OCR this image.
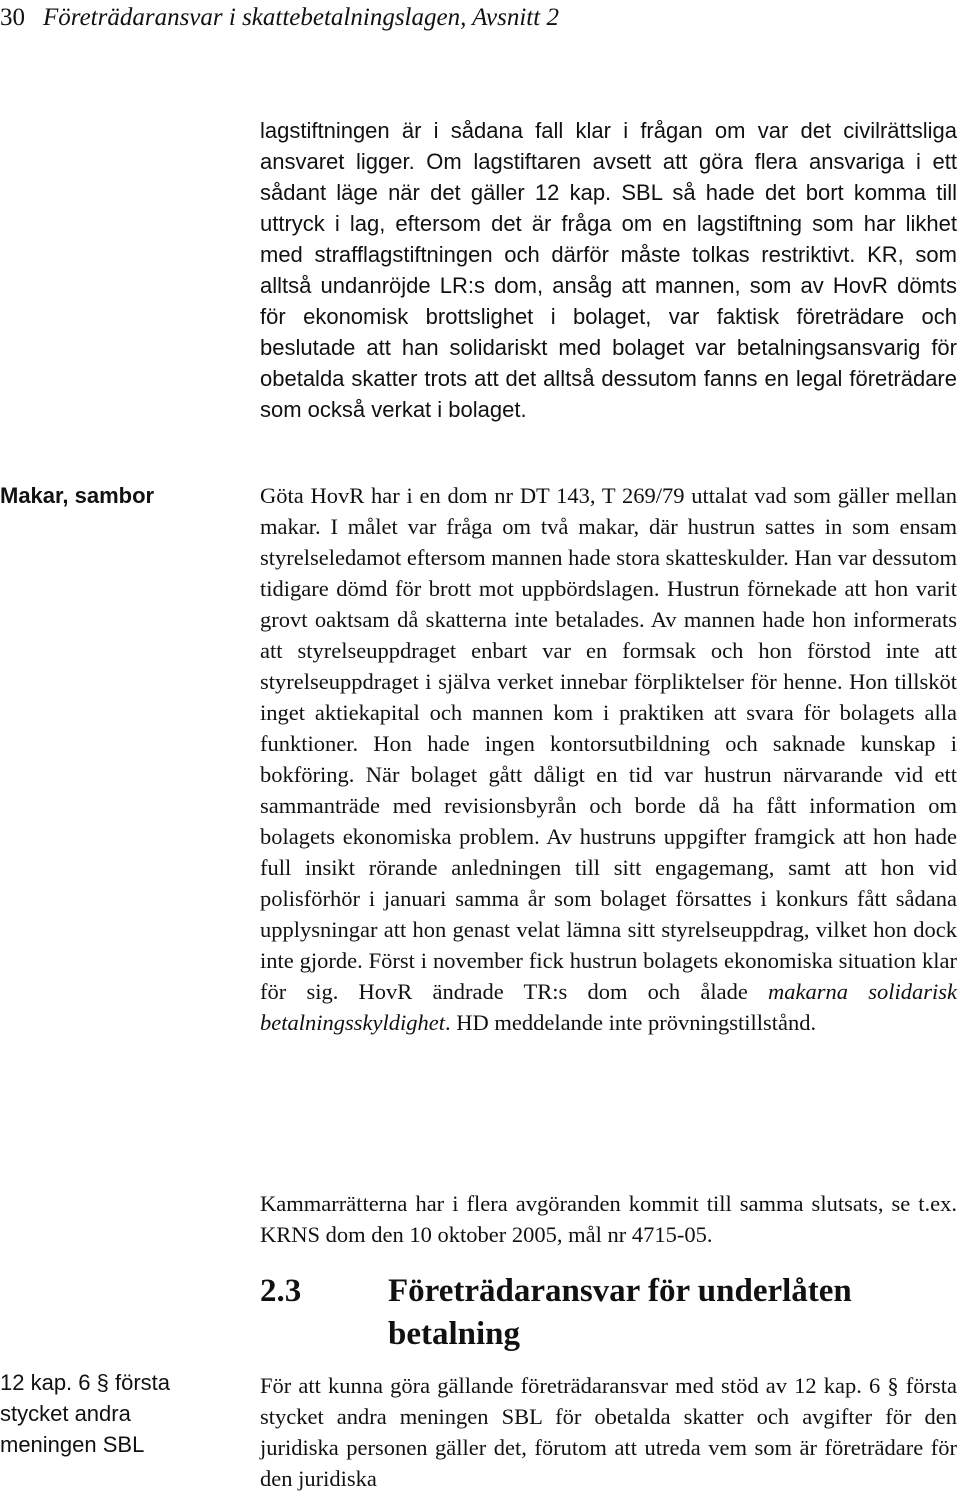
30 Företrädaransvar i skattebetalningslagen, Avsnitt 2
Makar, sambor
12 kap. 6 § första stycket andra meningen SBL

lagstiftningen är i sådana fall klar i frågan om var det civilrättsliga ansvaret ligger. Om lagstiftaren avsett att göra flera ansvariga i ett sådant läge när det gäller 12 kap. SBL så hade det bort komma till uttryck i lag, eftersom det är fråga om en lagstiftning som har likhet med strafflagstiftningen och därför måste tolkas restriktivt. KR, som alltså undanröjde LR:s dom, ansåg att mannen, som av HovR dömts för ekonomisk brottslighet i bolaget, var faktisk företrädare och beslutade att han solidariskt med bolaget var betalningsansvarig för obetalda skatter trots att det alltså dessutom fanns en legal företrädare som också verkat i bolaget.

Göta HovR har i en dom nr DT 143, T 269/79 uttalat vad som gäller mellan makar. I målet var fråga om två makar, där hustrun sattes in som ensam styrelseledamot eftersom mannen hade stora skatteskulder. Han var dessutom tidigare dömd för brott mot uppbördslagen. Hustrun förnekade att hon varit grovt oaktsam då skatterna inte betalades. Av mannen hade hon informerats att styrelseuppdraget enbart var en formsak och hon förstod inte att styrelseuppdraget i själva verket innebar förpliktelser för henne. Hon tillsköt inget aktiekapital och mannen kom i praktiken att svara för bolagets alla funktioner. Hon hade ingen kontorsutbildning och saknade kunskap i bokföring. När bolaget gått dåligt en tid var hustrun närvarande vid ett sammanträde med revisionsbyrån och borde då ha fått information om bolagets ekonomiska problem. Av hustruns uppgifter framgick att hon hade full insikt rörande anledningen till sitt engagemang, samt att hon vid polisförhör i januari samma år som bolaget försattes i konkurs fått sådana upplysningar att hon genast velat lämna sitt styrelseuppdrag, vilket hon dock inte gjorde. Först i november fick hustrun bolagets ekonomiska situation klar för sig. HovR ändrade TR:s dom och ålade makarna solidarisk betalningsskyldighet. HD meddelande inte prövningstillstånd.

Kammarrätterna har i flera avgöranden kommit till samma slutsats, se t.ex. KRNS dom den 10 oktober 2005, mål nr 4715-05.

2.3	Företrädaransvar för underlåten betalning

För att kunna göra gällande företrädaransvar med stöd av 12 kap. 6 § första stycket andra meningen SBL för obetalda skatter och avgifter för den juridiska personen gäller det, förutom att utreda vem som är företrädare för den juridiska
